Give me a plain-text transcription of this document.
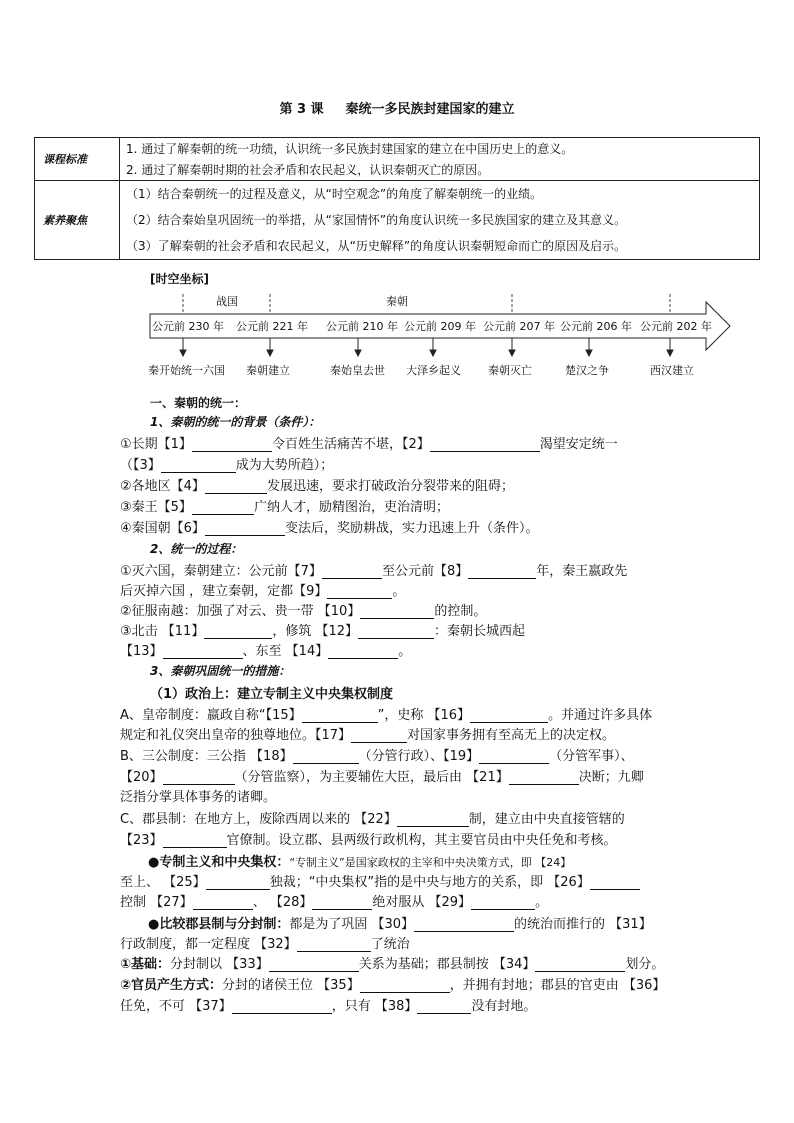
第 3 课 秦统一多民族封建国家的建立
课程标准	1. 通过了解秦朝的统一功绩，认识统一多民族封建国家的建立在中国历史上的意义。
2. 通过了解秦朝时期的社会矛盾和农民起义，认识秦朝灭亡的原因。

素养聚焦	（1）结合秦朝统一的过程及意义，从“时空观念”的角度了解秦朝统一的业绩。
（2）结合秦始皇巩固统一的举措，从“家国情怀”的角度认识统一多民族国家的建立及其意义。
（3）了解秦朝的社会矛盾和农民起义，从“历史解释”的角度认识秦朝短命而亡的原因及启示。
[时空坐标]
战国	秦朝
公元前 230 年 公元前 221 年 公元前 210 年 公元前 209 年 公元前 207 年 公元前 206 年 公元前 202 年
秦开始统一六国 秦朝建立	秦始皇去世 大泽乡起义 秦朝灭亡	楚汉之争	西汉建立
一、秦朝的统一：
1、秦朝的统一的背景（条件）：
①长期【1】	令百姓生活痛苦不堪，【2】	渴望安定统一
（【3】	成为大势所趋）；
②各地区【4】	发展迅速，要求打破政治分裂带来的阻碍；
③秦王【5】	广纳人才，励精图治，吏治清明；
④秦国朝【6】	变法后，奖励耕战，实力迅速上升（条件）。
2、统一的过程：
①灭六国，秦朝建立：公元前【7】	至公元前【8】	年，秦王嬴政先
后灭掉六国 ，建立秦朝，定都【9】	。
②征服南越：加强了对云、贵一带 【10】	的控制。
③北击 【11】	，修筑 【12】	：秦朝长城西起
【13】	、东至 【14】	。
3、秦朝巩固统一的措施：
（1）政治上：建立专制主义中央集权制度
A、皇帝制度：嬴政自称“【15】	”，史称 【16】	。并通过许多具体
规定和礼仪突出皇帝的独尊地位。【17】	对国家事务拥有至高无上的决定权。
B、三公制度：三公指 【18】	（分管行政）、【19】	（分管军事）、
【20】	（分管监察），为主要辅佐大臣，最后由 【21】	决断；九卿
泛指分掌具体事务的诸卿。
C、郡县制：在地方上，废除西周以来的 【22】	制，建立由中央直接管辖的
【23】	官僚制。设立郡、县两级行政机构，其主要官员由中央任免和考核。
●专制主义和中央集权：“专制主义”是国家政权的主宰和中央决策方式，即 【24】
至上、 【25】	独裁；“中央集权”指的是中央与地方的关系，即 【26】
控制 【27】	、 【28】	绝对服从 【29】	。
●比较郡县制与分封制：都是为了巩固 【30】	的统治而推行的 【31】
行政制度，都一定程度 【32】	了统治
①基础：分封制以 【33】	关系为基础；郡县制按 【34】	划分。
②官员产生方式：分封的诸侯王位 【35】	，并拥有封地；郡县的官吏由 【36】
任免，不可 【37】	，只有 【38】	没有封地。
